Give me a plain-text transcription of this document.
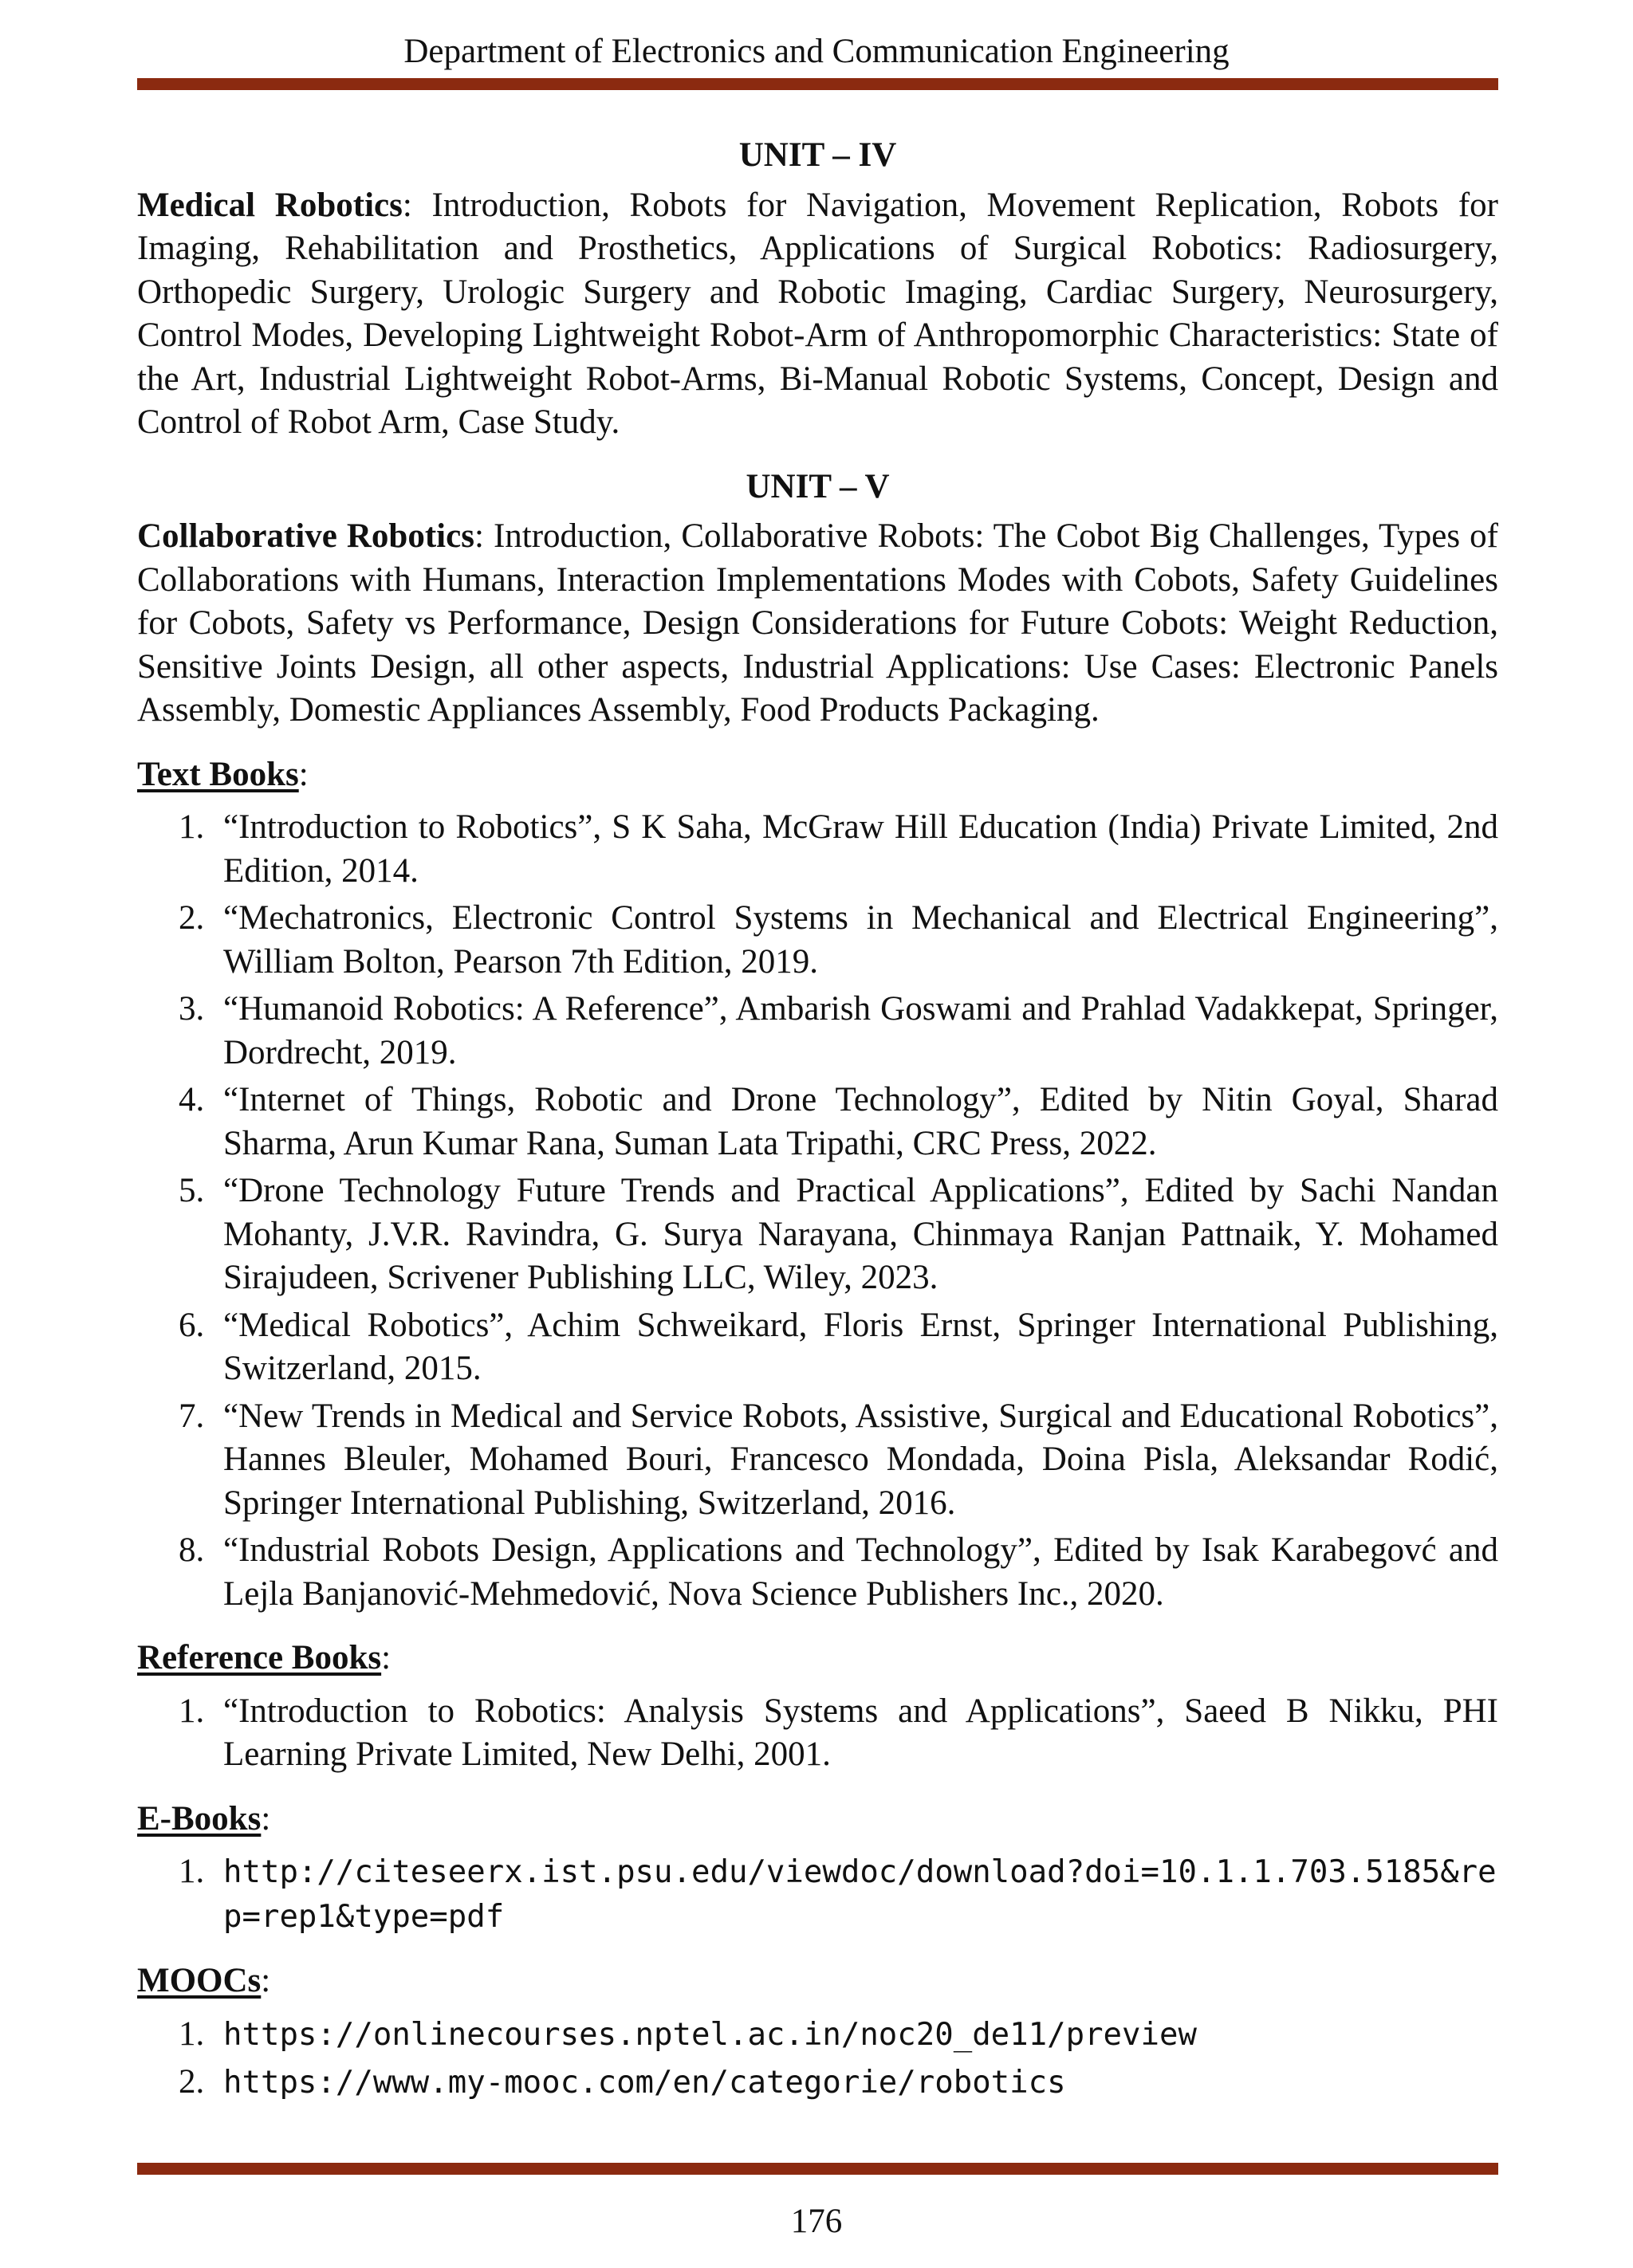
Department of Electronics and Communication Engineering
UNIT – IV

Medical Robotics: Introduction, Robots for Navigation, Movement Replication, Robots for Imaging, Rehabilitation and Prosthetics, Applications of Surgical Robotics: Radiosurgery, Orthopedic Surgery, Urologic Surgery and Robotic Imaging, Cardiac Surgery, Neurosurgery, Control Modes, Developing Lightweight Robot-Arm of Anthropomorphic Characteristics: State of the Art, Industrial Lightweight Robot-Arms, Bi-Manual Robotic Systems, Concept, Design and Control of Robot Arm, Case Study.

UNIT – V

Collaborative Robotics: Introduction, Collaborative Robots: The Cobot Big Challenges, Types of Collaborations with Humans, Interaction Implementations Modes with Cobots, Safety Guidelines for Cobots, Safety vs Performance, Design Considerations for Future Cobots: Weight Reduction, Sensitive Joints Design, all other aspects, Industrial Applications: Use Cases: Electronic Panels Assembly, Domestic Appliances Assembly, Food Products Packaging.

Text Books:
1. “Introduction to Robotics”, S K Saha, McGraw Hill Education (India) Private Limited, 2nd Edition, 2014.
2. “Mechatronics, Electronic Control Systems in Mechanical and Electrical Engineering”, William Bolton, Pearson 7th Edition, 2019.
3. “Humanoid Robotics: A Reference”, Ambarish Goswami and Prahlad Vadakkepat, Springer, Dordrecht, 2019.
4. “Internet of Things, Robotic and Drone Technology”, Edited by Nitin Goyal, Sharad Sharma, Arun Kumar Rana, Suman Lata Tripathi, CRC Press, 2022.
5. “Drone Technology Future Trends and Practical Applications”, Edited by Sachi Nandan Mohanty, J.V.R. Ravindra, G. Surya Narayana, Chinmaya Ranjan Pattnaik, Y. Mohamed Sirajudeen, Scrivener Publishing LLC, Wiley, 2023.
6. “Medical Robotics”, Achim Schweikard, Floris Ernst, Springer International Publishing, Switzerland, 2015.
7. “New Trends in Medical and Service Robots, Assistive, Surgical and Educational Robotics”, Hannes Bleuler, Mohamed Bouri, Francesco Mondada, Doina Pisla, Aleksandar Rodić, Springer International Publishing, Switzerland, 2016.
8. “Industrial Robots Design, Applications and Technology”, Edited by Isak Karabegovć and Lejla Banjanović-Mehmedović, Nova Science Publishers Inc., 2020.
Reference Books:
1. “Introduction to Robotics: Analysis Systems and Applications”, Saeed B Nikku, PHI Learning Private Limited, New Delhi, 2001.
E-Books:
1. http://citeseerx.ist.psu.edu/viewdoc/download?doi=10.1.1.703.5185&rep=rep1&type=pdf
MOOCs:
1. https://onlinecourses.nptel.ac.in/noc20_de11/preview
2. https://www.my-mooc.com/en/categorie/robotics
176
